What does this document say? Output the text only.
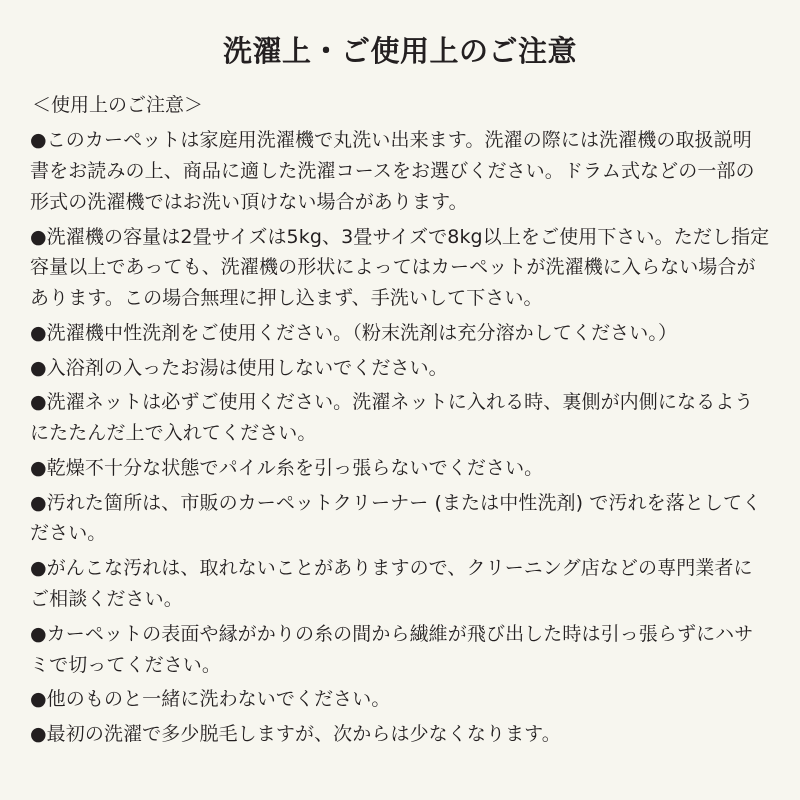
洗濯上・ご使用上のご注意
＜使用上のご注意＞
●このカーペットは家庭用洗濯機で丸洗い出来ます。洗濯の際には洗濯機の取扱説明書をお読みの上、商品に適した洗濯コースをお選びください。ドラム式などの一部の形式の洗濯機ではお洗い頂けない場合があります。
●洗濯機の容量は2畳サイズは5kg、3畳サイズで8kg以上をご使用下さい。ただし指定容量以上であっても、洗濯機の形状によってはカーペットが洗濯機に入らない場合があります。この場合無理に押し込まず、手洗いして下さい。
●洗濯機中性洗剤をご使用ください。（粉末洗剤は充分溶かしてください。）
●入浴剤の入ったお湯は使用しないでください。
●洗濯ネットは必ずご使用ください。洗濯ネットに入れる時、裏側が内側になるようにたたんだ上で入れてください。
●乾燥不十分な状態でパイル糸を引っ張らないでください。
●汚れた箇所は、市販のカーペットクリーナー (または中性洗剤) で汚れを落としてください。
●がんこな汚れは、取れないことがありますので、クリーニング店などの専門業者にご相談ください。
●カーペットの表面や縁がかりの糸の間から繊維が飛び出した時は引っ張らずにハサミで切ってください。
●他のものと一緒に洗わないでください。
●最初の洗濯で多少脱毛しますが、次からは少なくなります。
